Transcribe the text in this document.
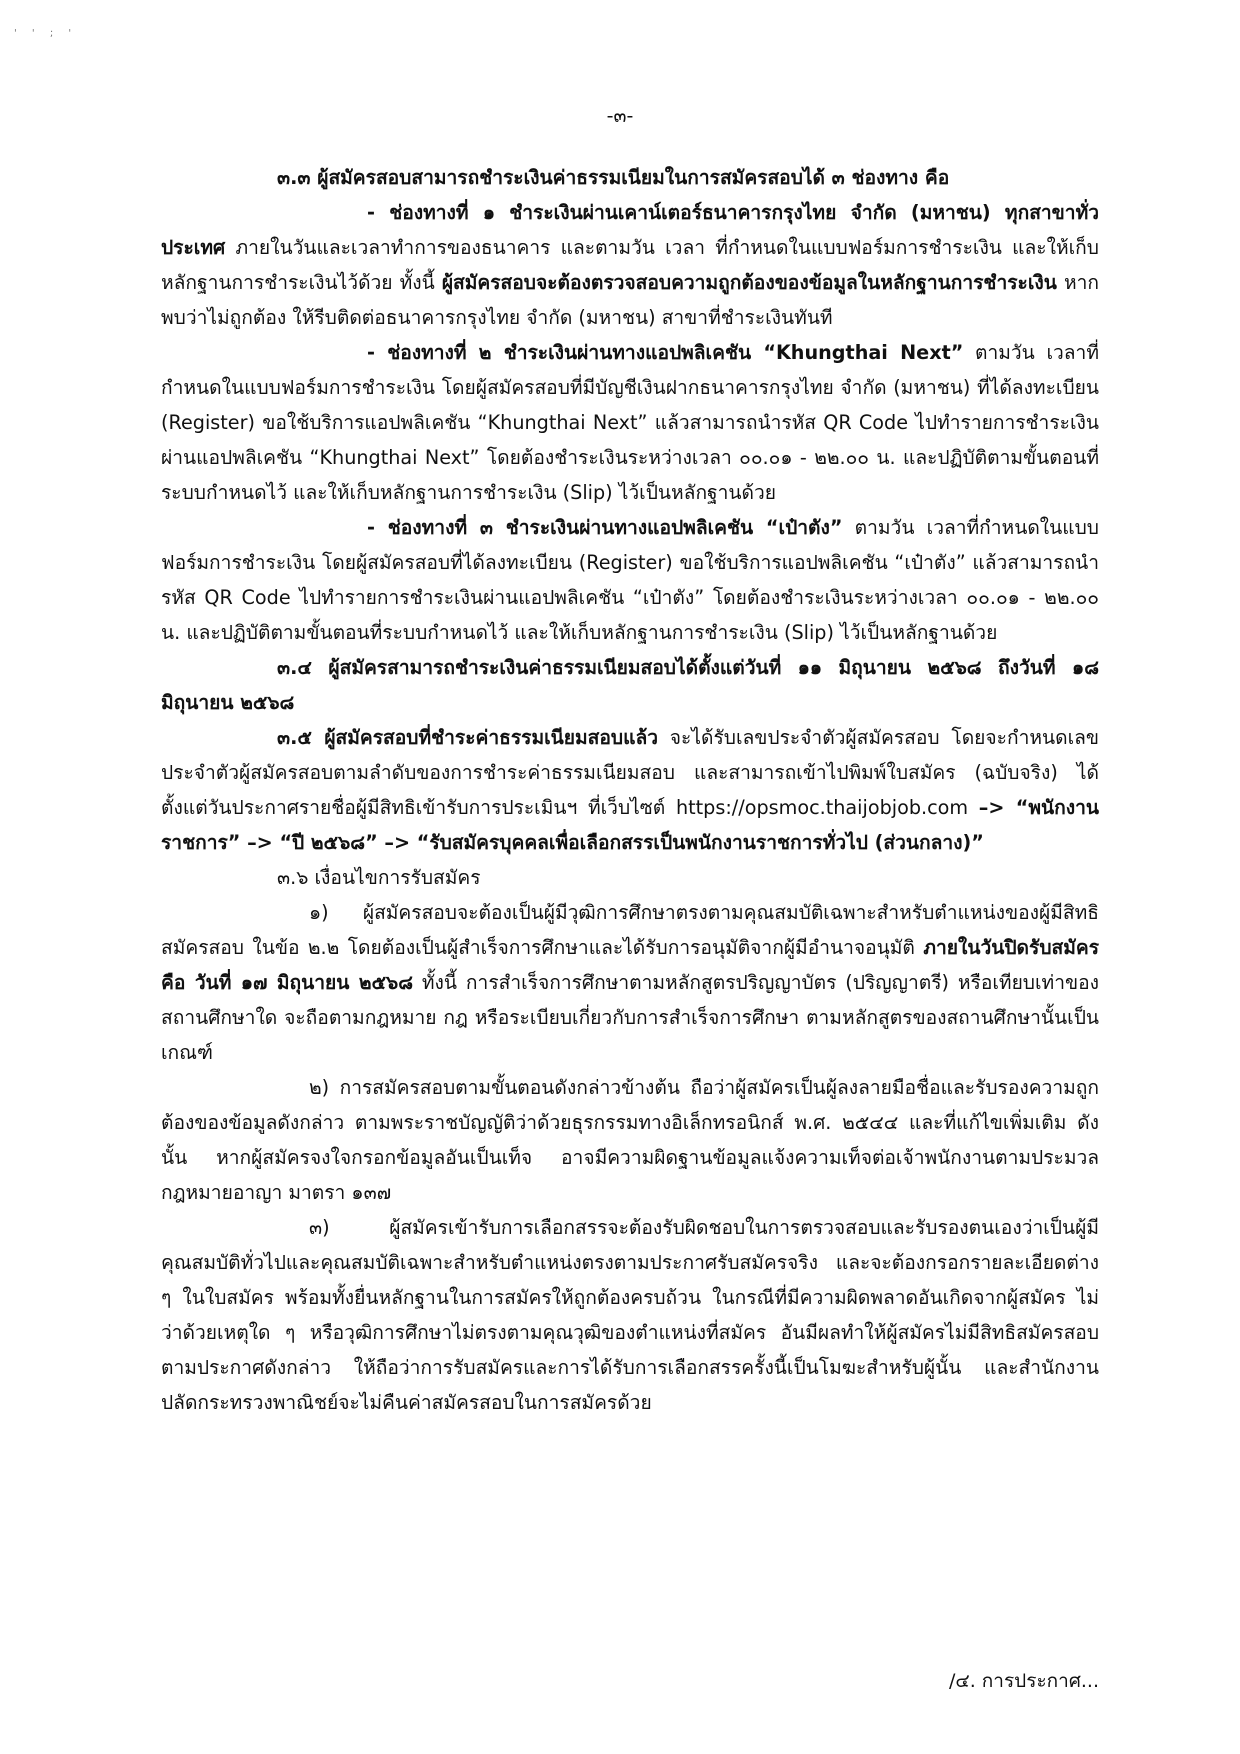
' ' ; '
-๓-

๓.๓ ผู้สมัครสอบสามารถชำระเงินค่าธรรมเนียมในการสมัครสอบได้ ๓ ช่องทาง คือ

- ช่องทางที่ ๑ ชำระเงินผ่านเคาน์เตอร์ธนาคารกรุงไทย จำกัด (มหาชน) ทุกสาขาทั่วประเทศ ภายในวันและเวลาทำการของธนาคาร และตามวัน เวลา ที่กำหนดในแบบฟอร์มการชำระเงิน และให้เก็บหลักฐานการชำระเงินไว้ด้วย ทั้งนี้ ผู้สมัครสอบจะต้องตรวจสอบความถูกต้องของข้อมูลในหลักฐานการชำระเงิน หากพบว่าไม่ถูกต้อง ให้รีบติดต่อธนาคารกรุงไทย จำกัด (มหาชน) สาขาที่ชำระเงินทันที

- ช่องทางที่ ๒ ชำระเงินผ่านทางแอปพลิเคชัน “Khungthai Next” ตามวัน เวลาที่กำหนดในแบบฟอร์มการชำระเงิน โดยผู้สมัครสอบที่มีบัญชีเงินฝากธนาคารกรุงไทย จำกัด (มหาชน) ที่ได้ลงทะเบียน (Register) ขอใช้บริการแอปพลิเคชัน “Khungthai Next” แล้วสามารถนำรหัส QR Code ไปทำรายการชำระเงินผ่านแอปพลิเคชัน “Khungthai Next” โดยต้องชำระเงินระหว่างเวลา ๐๐.๐๑ - ๒๒.๐๐ น. และปฏิบัติตามขั้นตอนที่ระบบกำหนดไว้ และให้เก็บหลักฐานการชำระเงิน (Slip) ไว้เป็นหลักฐานด้วย

- ช่องทางที่ ๓ ชำระเงินผ่านทางแอปพลิเคชัน “เป๋าตัง” ตามวัน เวลาที่กำหนดในแบบฟอร์มการชำระเงิน โดยผู้สมัครสอบที่ได้ลงทะเบียน (Register) ขอใช้บริการแอปพลิเคชัน “เป๋าตัง” แล้วสามารถนำรหัส QR Code ไปทำรายการชำระเงินผ่านแอปพลิเคชัน “เป๋าตัง” โดยต้องชำระเงินระหว่างเวลา ๐๐.๐๑ - ๒๒.๐๐ น. และปฏิบัติตามขั้นตอนที่ระบบกำหนดไว้ และให้เก็บหลักฐานการชำระเงิน (Slip) ไว้เป็นหลักฐานด้วย

๓.๔ ผู้สมัครสามารถชำระเงินค่าธรรมเนียมสอบได้ตั้งแต่วันที่ ๑๑ มิถุนายน ๒๕๖๘ ถึงวันที่ ๑๘ มิถุนายน ๒๕๖๘

๓.๕ ผู้สมัครสอบที่ชำระค่าธรรมเนียมสอบแล้ว จะได้รับเลขประจำตัวผู้สมัครสอบ โดยจะกำหนดเลขประจำตัวผู้สมัครสอบตามลำดับของการชำระค่าธรรมเนียมสอบ และสามารถเข้าไปพิมพ์ใบสมัคร (ฉบับจริง) ได้ตั้งแต่วันประกาศรายชื่อผู้มีสิทธิเข้ารับการประเมินฯ ที่เว็บไซต์ https://opsmoc.thaijobjob.com –> “พนักงานราชการ” –> “ปี ๒๕๖๘” –> “รับสมัครบุคคลเพื่อเลือกสรรเป็นพนักงานราชการทั่วไป (ส่วนกลาง)”

๓.๖ เงื่อนไขการรับสมัคร

๑) ผู้สมัครสอบจะต้องเป็นผู้มีวุฒิการศึกษาตรงตามคุณสมบัติเฉพาะสำหรับตำแหน่งของผู้มีสิทธิสมัครสอบ ในข้อ ๒.๒ โดยต้องเป็นผู้สำเร็จการศึกษาและได้รับการอนุมัติจากผู้มีอำนาจอนุมัติ ภายในวันปิดรับสมัคร คือ วันที่ ๑๗ มิถุนายน ๒๕๖๘ ทั้งนี้ การสำเร็จการศึกษาตามหลักสูตรปริญญาบัตร (ปริญญาตรี) หรือเทียบเท่าของสถานศึกษาใด จะถือตามกฎหมาย กฎ หรือระเบียบเกี่ยวกับการสำเร็จการศึกษา ตามหลักสูตรของสถานศึกษานั้นเป็นเกณฑ์

๒) การสมัครสอบตามขั้นตอนดังกล่าวข้างต้น ถือว่าผู้สมัครเป็นผู้ลงลายมือชื่อและรับรองความถูกต้องของข้อมูลดังกล่าว ตามพระราชบัญญัติว่าด้วยธุรกรรมทางอิเล็กทรอนิกส์ พ.ศ. ๒๕๔๔ และที่แก้ไขเพิ่มเติม ดังนั้น หากผู้สมัครจงใจกรอกข้อมูลอันเป็นเท็จ อาจมีความผิดฐานข้อมูลแจ้งความเท็จต่อเจ้าพนักงานตามประมวลกฎหมายอาญา มาตรา ๑๓๗

๓) ผู้สมัครเข้ารับการเลือกสรรจะต้องรับผิดชอบในการตรวจสอบและรับรองตนเองว่าเป็นผู้มีคุณสมบัติทั่วไปและคุณสมบัติเฉพาะสำหรับตำแหน่งตรงตามประกาศรับสมัครจริง และจะต้องกรอกรายละเอียดต่าง ๆ ในใบสมัคร พร้อมทั้งยื่นหลักฐานในการสมัครให้ถูกต้องครบถ้วน ในกรณีที่มีความผิดพลาดอันเกิดจากผู้สมัคร ไม่ว่าด้วยเหตุใด ๆ หรือวุฒิการศึกษาไม่ตรงตามคุณวุฒิของตำแหน่งที่สมัคร อันมีผลทำให้ผู้สมัครไม่มีสิทธิสมัครสอบตามประกาศดังกล่าว ให้ถือว่าการรับสมัครและการได้รับการเลือกสรรครั้งนี้เป็นโมฆะสำหรับผู้นั้น และสำนักงานปลัดกระทรวงพาณิชย์จะไม่คืนค่าสมัครสอบในการสมัครด้วย

/๔. การประกาศ...
